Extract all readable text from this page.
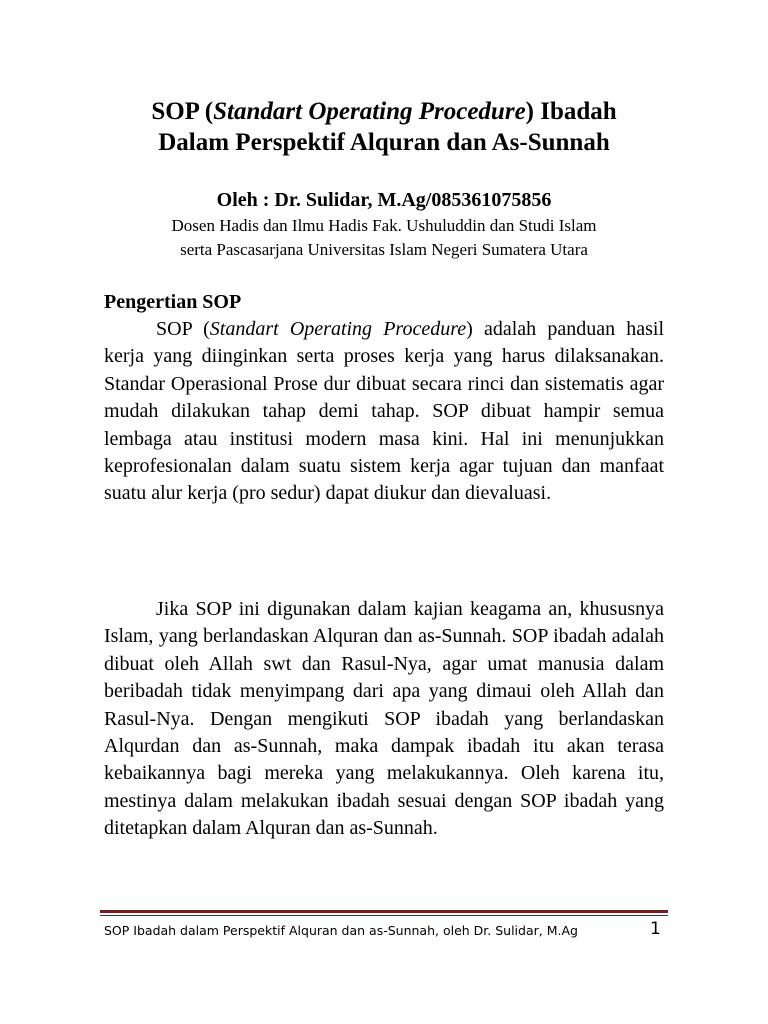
SOP (Standart Operating Procedure) Ibadah
Dalam Perspektif Alquran dan As-Sunnah
Oleh : Dr. Sulidar, M.Ag/085361075856
Dosen Hadis dan Ilmu Hadis Fak. Ushuluddin dan Studi Islam
serta Pascasarjana Universitas Islam Negeri Sumatera Utara
Pengertian SOP

SOP (Standart Operating Procedure) adalah panduan hasil kerja yang diinginkan serta proses kerja yang harus dilaksanakan. Standar Operasional Prose dur dibuat secara rinci dan sistematis agar mudah dilakukan tahap demi tahap. SOP dibuat hampir semua lembaga atau institusi modern masa kini. Hal ini menunjukkan keprofesionalan dalam suatu sistem kerja agar tujuan dan manfaat suatu alur kerja (pro sedur) dapat diukur dan dievaluasi.

Jika SOP ini digunakan dalam kajian keagama an, khususnya Islam, yang berlandaskan Alquran dan as-Sunnah. SOP ibadah adalah dibuat oleh Allah swt dan Rasul-Nya, agar umat manusia dalam beribadah tidak menyimpang dari apa yang dimaui oleh Allah dan Rasul-Nya. Dengan mengikuti SOP ibadah yang berlandaskan Alqurdan dan as-Sunnah, maka dampak ibadah itu akan terasa kebaikannya bagi mereka yang melakukannya. Oleh karena itu, mestinya dalam melakukan ibadah sesuai dengan SOP ibadah yang ditetapkan dalam Alquran dan as-Sunnah.

SOP Ibadah dalam Perspektif Alquran dan as-Sunnah, oleh Dr. Sulidar, M.Ag	1
